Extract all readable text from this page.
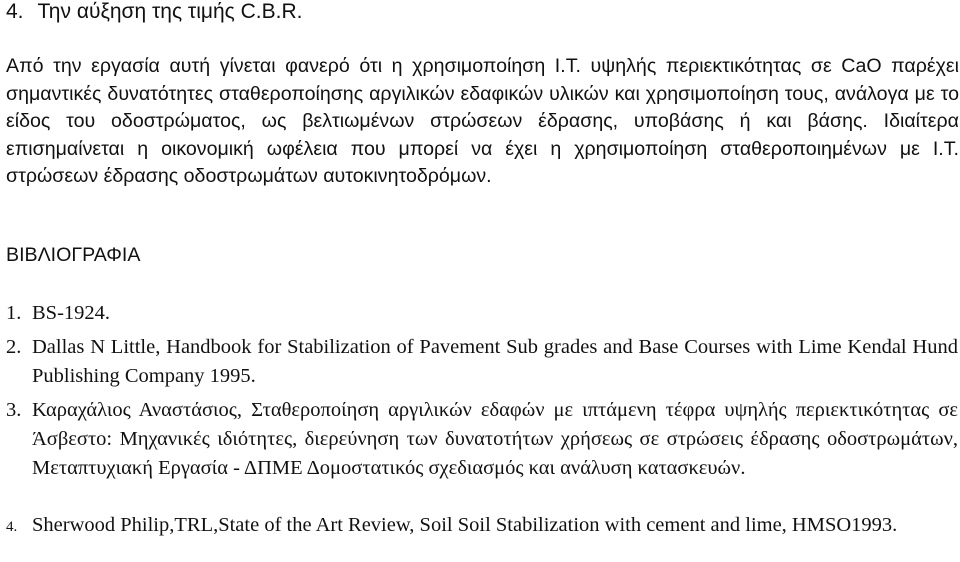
4. Την αύξηση της τιμής C.B.R.

Από την εργασία αυτή γίνεται φανερό ότι η χρησιμοποίηση Ι.Τ. υψηλής περιεκτικότητας σε CaO παρέχει σημαντικές δυνατότητες σταθεροποίησης αργιλικών εδαφικών υλικών και χρησιμοποίηση τους, ανάλογα με το είδος του οδοστρώματος, ως βελτιωμένων στρώσεων έδρασης, υποβάσης ή και βάσης. Ιδιαίτερα επισημαίνεται η οικονομική ωφέλεια που μπορεί να έχει η χρησιμοποίηση σταθεροποιημένων με Ι.Τ. στρώσεων έδρασης οδοστρωμάτων αυτοκινητοδρόμων.

ΒΙΒΛΙΟΓΡΑΦΙΑ

1. BS-1924.

2. Dallas N Little, Handbook for Stabilization of Pavement Sub grades and Base Courses with Lime Kendal Hund Publishing Company 1995.

3. Καραχάλιος Αναστάσιος, Σταθεροποίηση αργιλικών εδαφών με ιπτάμενη τέφρα υψηλής περιεκτικότητας σε Άσβεστο: Μηχανικές ιδιότητες, διερεύνηση των δυνατοτήτων χρήσεως σε στρώσεις έδρασης οδοστρωμάτων, Μεταπτυχιακή Εργασία - ΔΠΜΕ Δομοστατικός σχεδιασμός και ανάλυση κατασκευών.

4. Sherwood Philip,TRL,State of the Art Review, Soil Soil Stabilization with cement and lime, HMSO1993.
